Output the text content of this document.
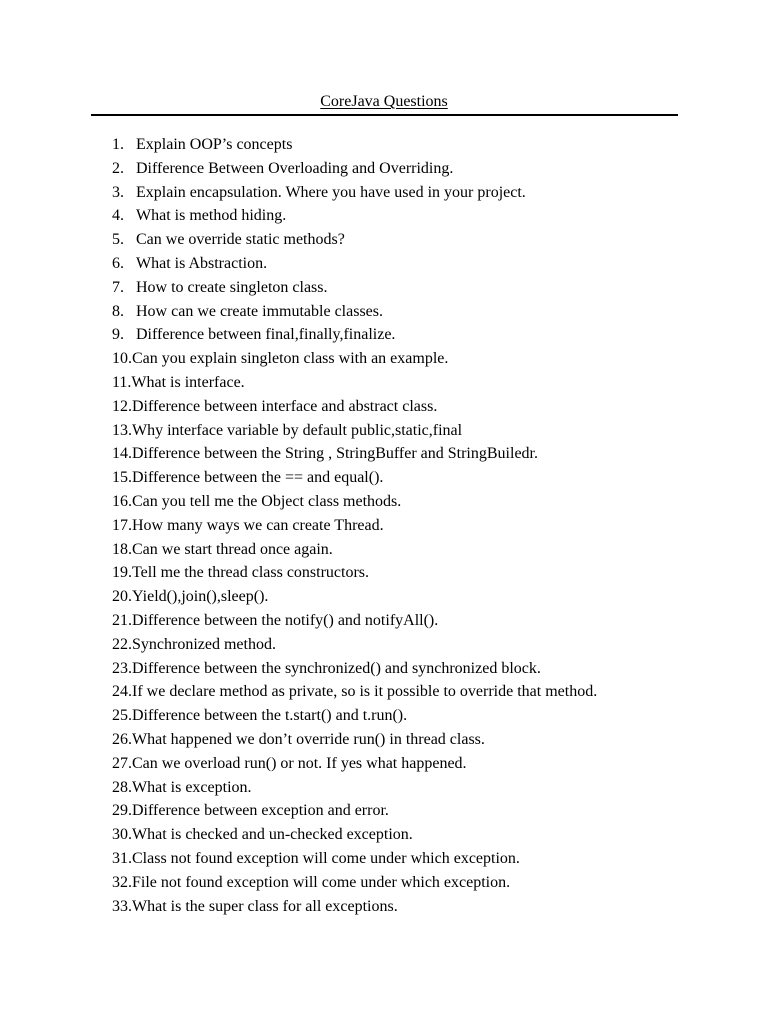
CoreJava Questions
1. Explain OOP’s concepts
2. Difference Between Overloading and Overriding.
3. Explain encapsulation. Where you have used in your project.
4. What is method hiding.
5. Can we override static methods?
6. What is Abstraction.
7. How to create singleton class.
8. How can we create immutable classes.
9. Difference between final,finally,finalize.
10. Can you explain singleton class with an example.
11. What is interface.
12. Difference between interface and abstract class.
13. Why interface variable by default public,static,final
14. Difference between the String , StringBuffer and StringBuiledr.
15. Difference between the == and equal().
16. Can you tell me the Object class methods.
17. How many ways we can create Thread.
18. Can we start thread once again.
19. Tell me the thread class constructors.
20. Yield(),join(),sleep().
21. Difference between the notify() and notifyAll().
22. Synchronized method.
23. Difference between the synchronized() and synchronized block.
24. If we declare method as private, so is it possible to override that method.
25. Difference between the t.start() and t.run().
26. What happened we don’t override run() in thread class.
27. Can we overload run() or not. If yes what happened.
28. What is exception.
29. Difference between exception and error.
30. What is checked and un-checked exception.
31. Class not found exception will come under which exception.
32. File not found exception will come under which exception.
33. What is the super class for all exceptions.
